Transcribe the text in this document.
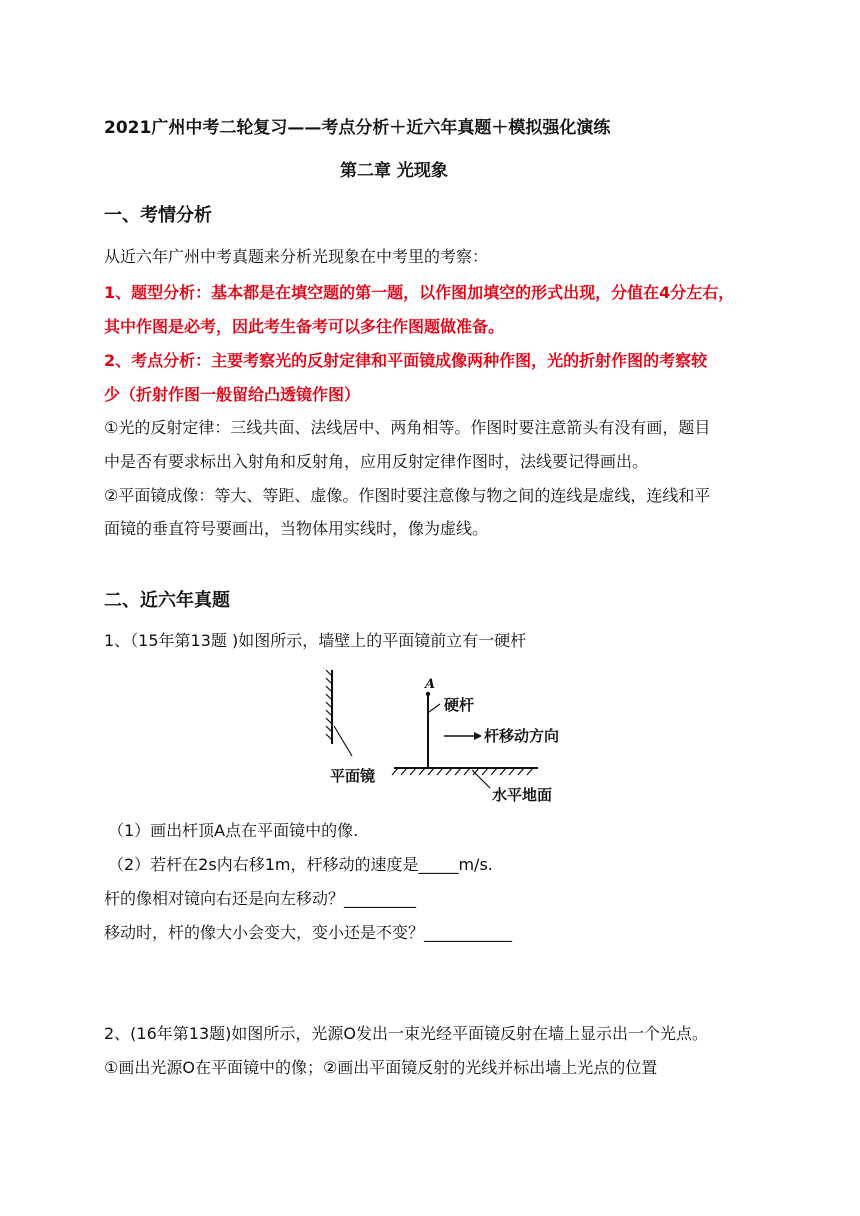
2021广州中考二轮复习——考点分析＋近六年真题＋模拟强化演练

第二章 光现象

一、考情分析

从近六年广州中考真题来分析光现象在中考里的考察：

1、题型分析：基本都是在填空题的第一题，以作图加填空的形式出现，分值在4分左右，

其中作图是必考，因此考生备考可以多往作图题做准备。

2、考点分析：主要考察光的反射定律和平面镜成像两种作图，光的折射作图的考察较

少（折射作图一般留给凸透镜作图）

①光的反射定律：三线共面、法线居中、两角相等。作图时要注意箭头有没有画，题目

中是否有要求标出入射角和反射角，应用反射定律作图时，法线要记得画出。

②平面镜成像：等大、等距、虚像。作图时要注意像与物之间的连线是虚线，连线和平

面镜的垂直符号要画出，当物体用实线时，像为虚线。

二、近六年真题

1、（15年第13题 )如图所示，墙壁上的平面镜前立有一硬杆

平面镜
水平地面
A
硬杆
杆移动方向

（1）画出杆顶A点在平面镜中的像.

（2）若杆在2s内右移1m，杆移动的速度是_____m/s.

杆的像相对镜向右还是向左移动？_________

移动时，杆的像大小会变大，变小还是不变？___________

2、(16年第13题)如图所示，光源O发出一束光经平面镜反射在墙上显示出一个光点。

①画出光源O在平面镜中的像；②画出平面镜反射的光线并标出墙上光点的位置
